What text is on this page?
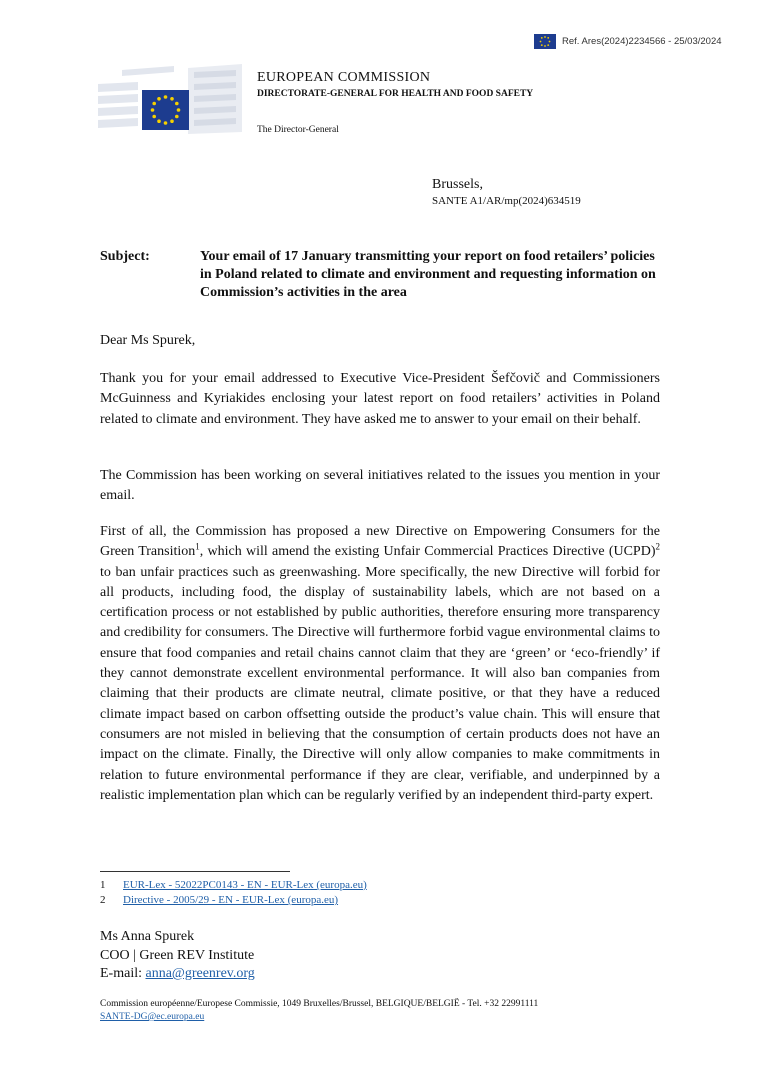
Ref. Ares(2024)2234566 - 25/03/2024
EUROPEAN COMMISSION
DIRECTORATE-GENERAL FOR HEALTH AND FOOD SAFETY
The Director-General
Brussels,
SANTE A1/AR/mp(2024)634519
Subject:	Your email of 17 January transmitting your report on food retailers’ policies in Poland related to climate and environment and requesting information on Commission’s activities in the area
Dear Ms Spurek,

Thank you for your email addressed to Executive Vice-President Šefčovič and Commissioners McGuinness and Kyriakides enclosing your latest report on food retailers’ activities in Poland related to climate and environment. They have asked me to answer to your email on their behalf.

The Commission has been working on several initiatives related to the issues you mention in your email.

First of all, the Commission has proposed a new Directive on Empowering Consumers for the Green Transition$^1$, which will amend the existing Unfair Commercial Practices Directive (UCPD)$^2$ to ban unfair practices such as greenwashing. More specifically, the new Directive will forbid for all products, including food, the display of sustainability labels, which are not based on a certification process or not established by public authorities, therefore ensuring more transparency and credibility for consumers. The Directive will furthermore forbid vague environmental claims to ensure that food companies and retail chains cannot claim that they are ‘green’ or ‘eco-friendly’ if they cannot demonstrate excellent environmental performance. It will also ban companies from claiming that their products are climate neutral, climate positive, or that they have a reduced climate impact based on carbon offsetting outside the product’s value chain. This will ensure that consumers are not misled in believing that the consumption of certain products does not have an impact on the climate. Finally, the Directive will only allow companies to make commitments in relation to future environmental performance if they are clear, verifiable, and underpinned by a realistic implementation plan which can be regularly verified by an independent third-party expert.

1	EUR-Lex - 52022PC0143 - EN - EUR-Lex (europa.eu)
2	Directive - 2005/29 - EN - EUR-Lex (europa.eu)
Ms Anna Spurek
COO | Green REV Institute
E-mail: anna@greenrev.org
Commission européenne/Europese Commissie, 1049 Bruxelles/Brussel, BELGIQUE/BELGIË - Tel. +32 22991111
SANTE-DG@ec.europa.eu
